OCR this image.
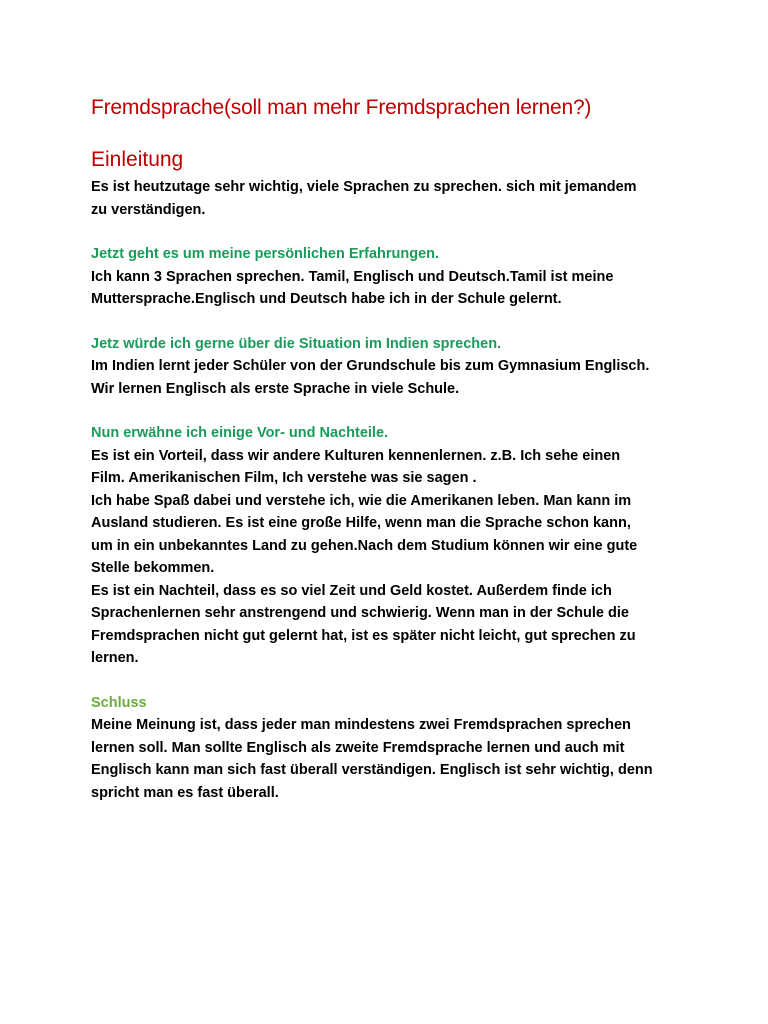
Fremdsprache(soll man mehr Fremdsprachen lernen?)
Einleitung

Es ist heutzutage sehr wichtig, viele Sprachen zu sprechen. sich mit jemandem

zu verständigen.

Jetzt geht es um meine persönlichen Erfahrungen.

Ich kann 3 Sprachen sprechen. Tamil, Englisch und Deutsch.Tamil ist meine

Muttersprache.Englisch und Deutsch habe ich in der Schule gelernt.

Jetz würde ich gerne über die Situation im Indien sprechen.

Im Indien lernt jeder Schüler von der Grundschule bis zum Gymnasium Englisch.

Wir lernen Englisch als erste Sprache in viele Schule.

Nun erwähne ich einige Vor- und Nachteile.

Es ist ein Vorteil, dass wir andere Kulturen kennenlernen. z.B. Ich sehe einen

Film. Amerikanischen Film, Ich verstehe was sie sagen .

Ich habe Spaß dabei und verstehe ich, wie die Amerikanen leben. Man kann im

Ausland studieren. Es ist eine große Hilfe, wenn man die Sprache schon kann,

um in ein unbekanntes Land zu gehen.Nach dem Studium können wir eine gute

Stelle bekommen.

Es ist ein Nachteil, dass es so viel Zeit und Geld kostet. Außerdem finde ich

Sprachenlernen sehr anstrengend und schwierig. Wenn man in der Schule die

Fremdsprachen nicht gut gelernt hat, ist es später nicht leicht, gut sprechen zu

lernen.

Schluss

Meine Meinung ist, dass jeder man mindestens zwei Fremdsprachen sprechen

lernen soll. Man sollte Englisch als zweite Fremdsprache lernen und auch mit

Englisch kann man sich fast überall verständigen. Englisch ist sehr wichtig, denn

spricht man es fast überall.
